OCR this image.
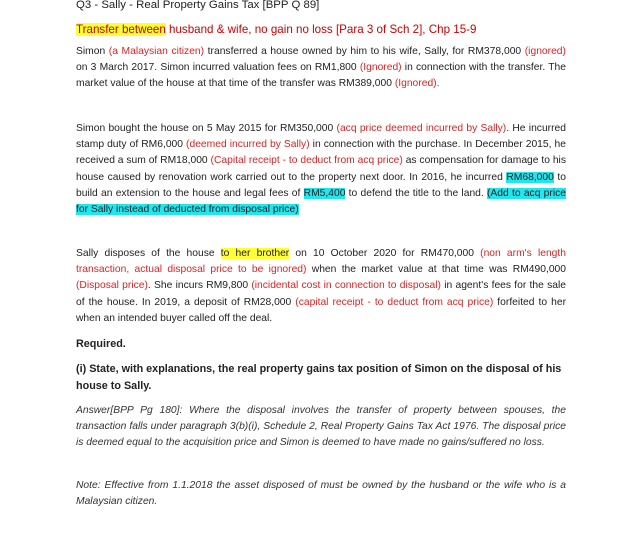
Q3 - Sally - Real Property Gains Tax [BPP Q 89]
Transfer between husband & wife, no gain no loss [Para 3 of Sch 2], Chp 15-9

Simon (a Malaysian citizen) transferred a house owned by him to his wife, Sally, for RM378,000 (ignored) on 3 March 2017. Simon incurred valuation fees on RM1,800 (Ignored) in connection with the transfer. The market value of the house at that time of the transfer was RM389,000 (Ignored).

Simon bought the house on 5 May 2015 for RM350,000 (acq price deemed incurred by Sally). He incurred stamp duty of RM6,000 (deemed incurred by Sally) in connection with the purchase. In December 2015, he received a sum of RM18,000 (Capital receipt - to deduct from acq price) as compensation for damage to his house caused by renovation work carried out to the property next door. In 2016, he incurred RM68,000 to build an extension to the house and legal fees of RM5,400 to defend the title to the land. (Add to acq price for Sally instead of deducted from disposal price)

Sally disposes of the house to her brother on 10 October 2020 for RM470,000 (non arm's length transaction, actual disposal price to be ignored) when the market value at that time was RM490,000 (Disposal price). She incurs RM9,800 (incidental cost in connection to disposal) in agent's fees for the sale of the house. In 2019, a deposit of RM28,000 (capital receipt - to deduct from acq price) forfeited to her when an intended buyer called off the deal.

Required.

(i) State, with explanations, the real property gains tax position of Simon on the disposal of his house to Sally.

Answer[BPP Pg 180]: Where the disposal involves the transfer of property between spouses, the transaction falls under paragraph 3(b)(i), Schedule 2, Real Property Gains Tax Act 1976. The disposal price is deemed equal to the acquisition price and Simon is deemed to have made no gains/suffered no loss.

Note: Effective from 1.1.2018 the asset disposed of must be owned by the husband or the wife who is a Malaysian citizen.
